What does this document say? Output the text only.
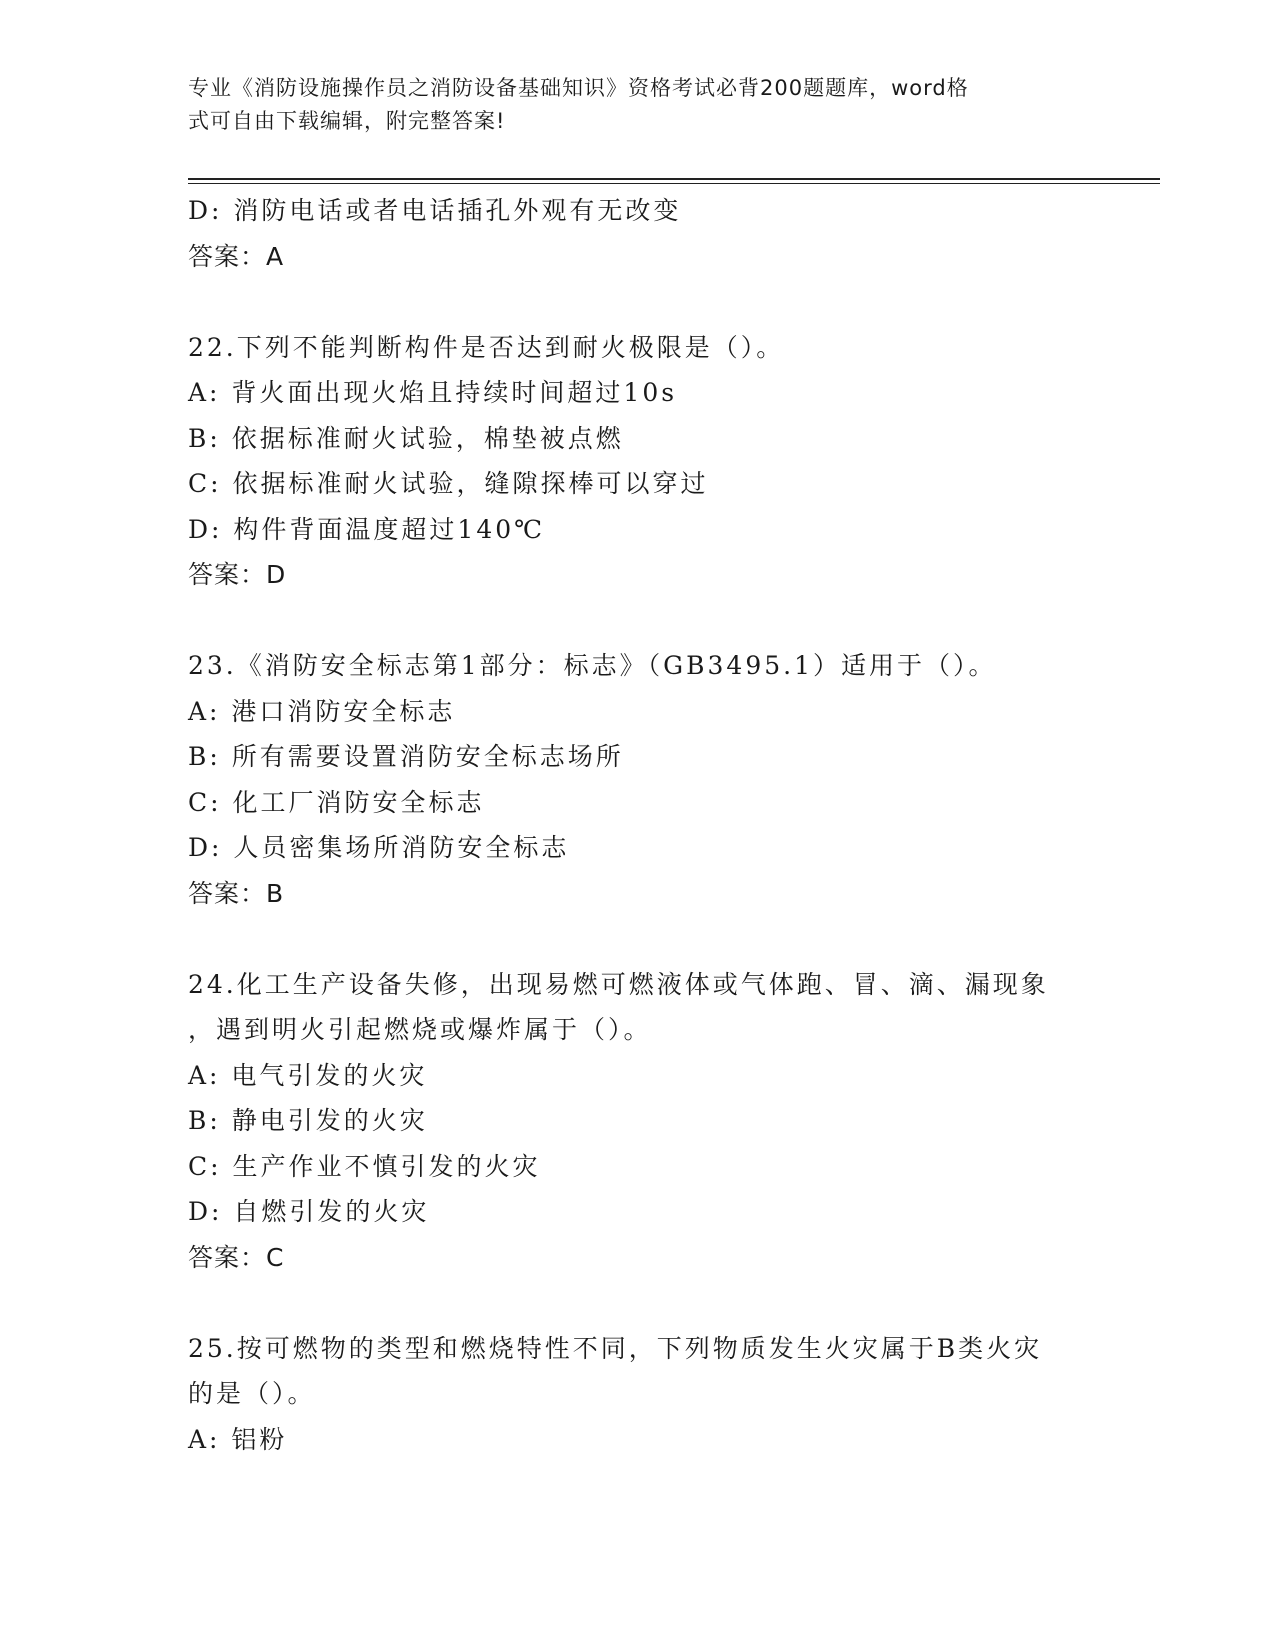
专业《消防设施操作员之消防设备基础知识》资格考试必背200题题库，word格
式可自由下载编辑，附完整答案!
D: 消防电话或者电话插孔外观有无改变
答案：A
22.下列不能判断构件是否达到耐火极限是（）。
A: 背火面出现火焰且持续时间超过10s
B: 依据标准耐火试验，棉垫被点燃
C: 依据标准耐火试验，缝隙探棒可以穿过
D: 构件背面温度超过140℃
答案：D
23.《消防安全标志第1部分：标志》（GB3495.1）适用于（）。
A: 港口消防安全标志
B: 所有需要设置消防安全标志场所
C: 化工厂消防安全标志
D: 人员密集场所消防安全标志
答案：B
24.化工生产设备失修，出现易燃可燃液体或气体跑、冒、滴、漏现象
，遇到明火引起燃烧或爆炸属于（）。
A: 电气引发的火灾
B: 静电引发的火灾
C: 生产作业不慎引发的火灾
D: 自燃引发的火灾
答案：C
25.按可燃物的类型和燃烧特性不同，下列物质发生火灾属于B类火灾
的是（）。
A: 铝粉
